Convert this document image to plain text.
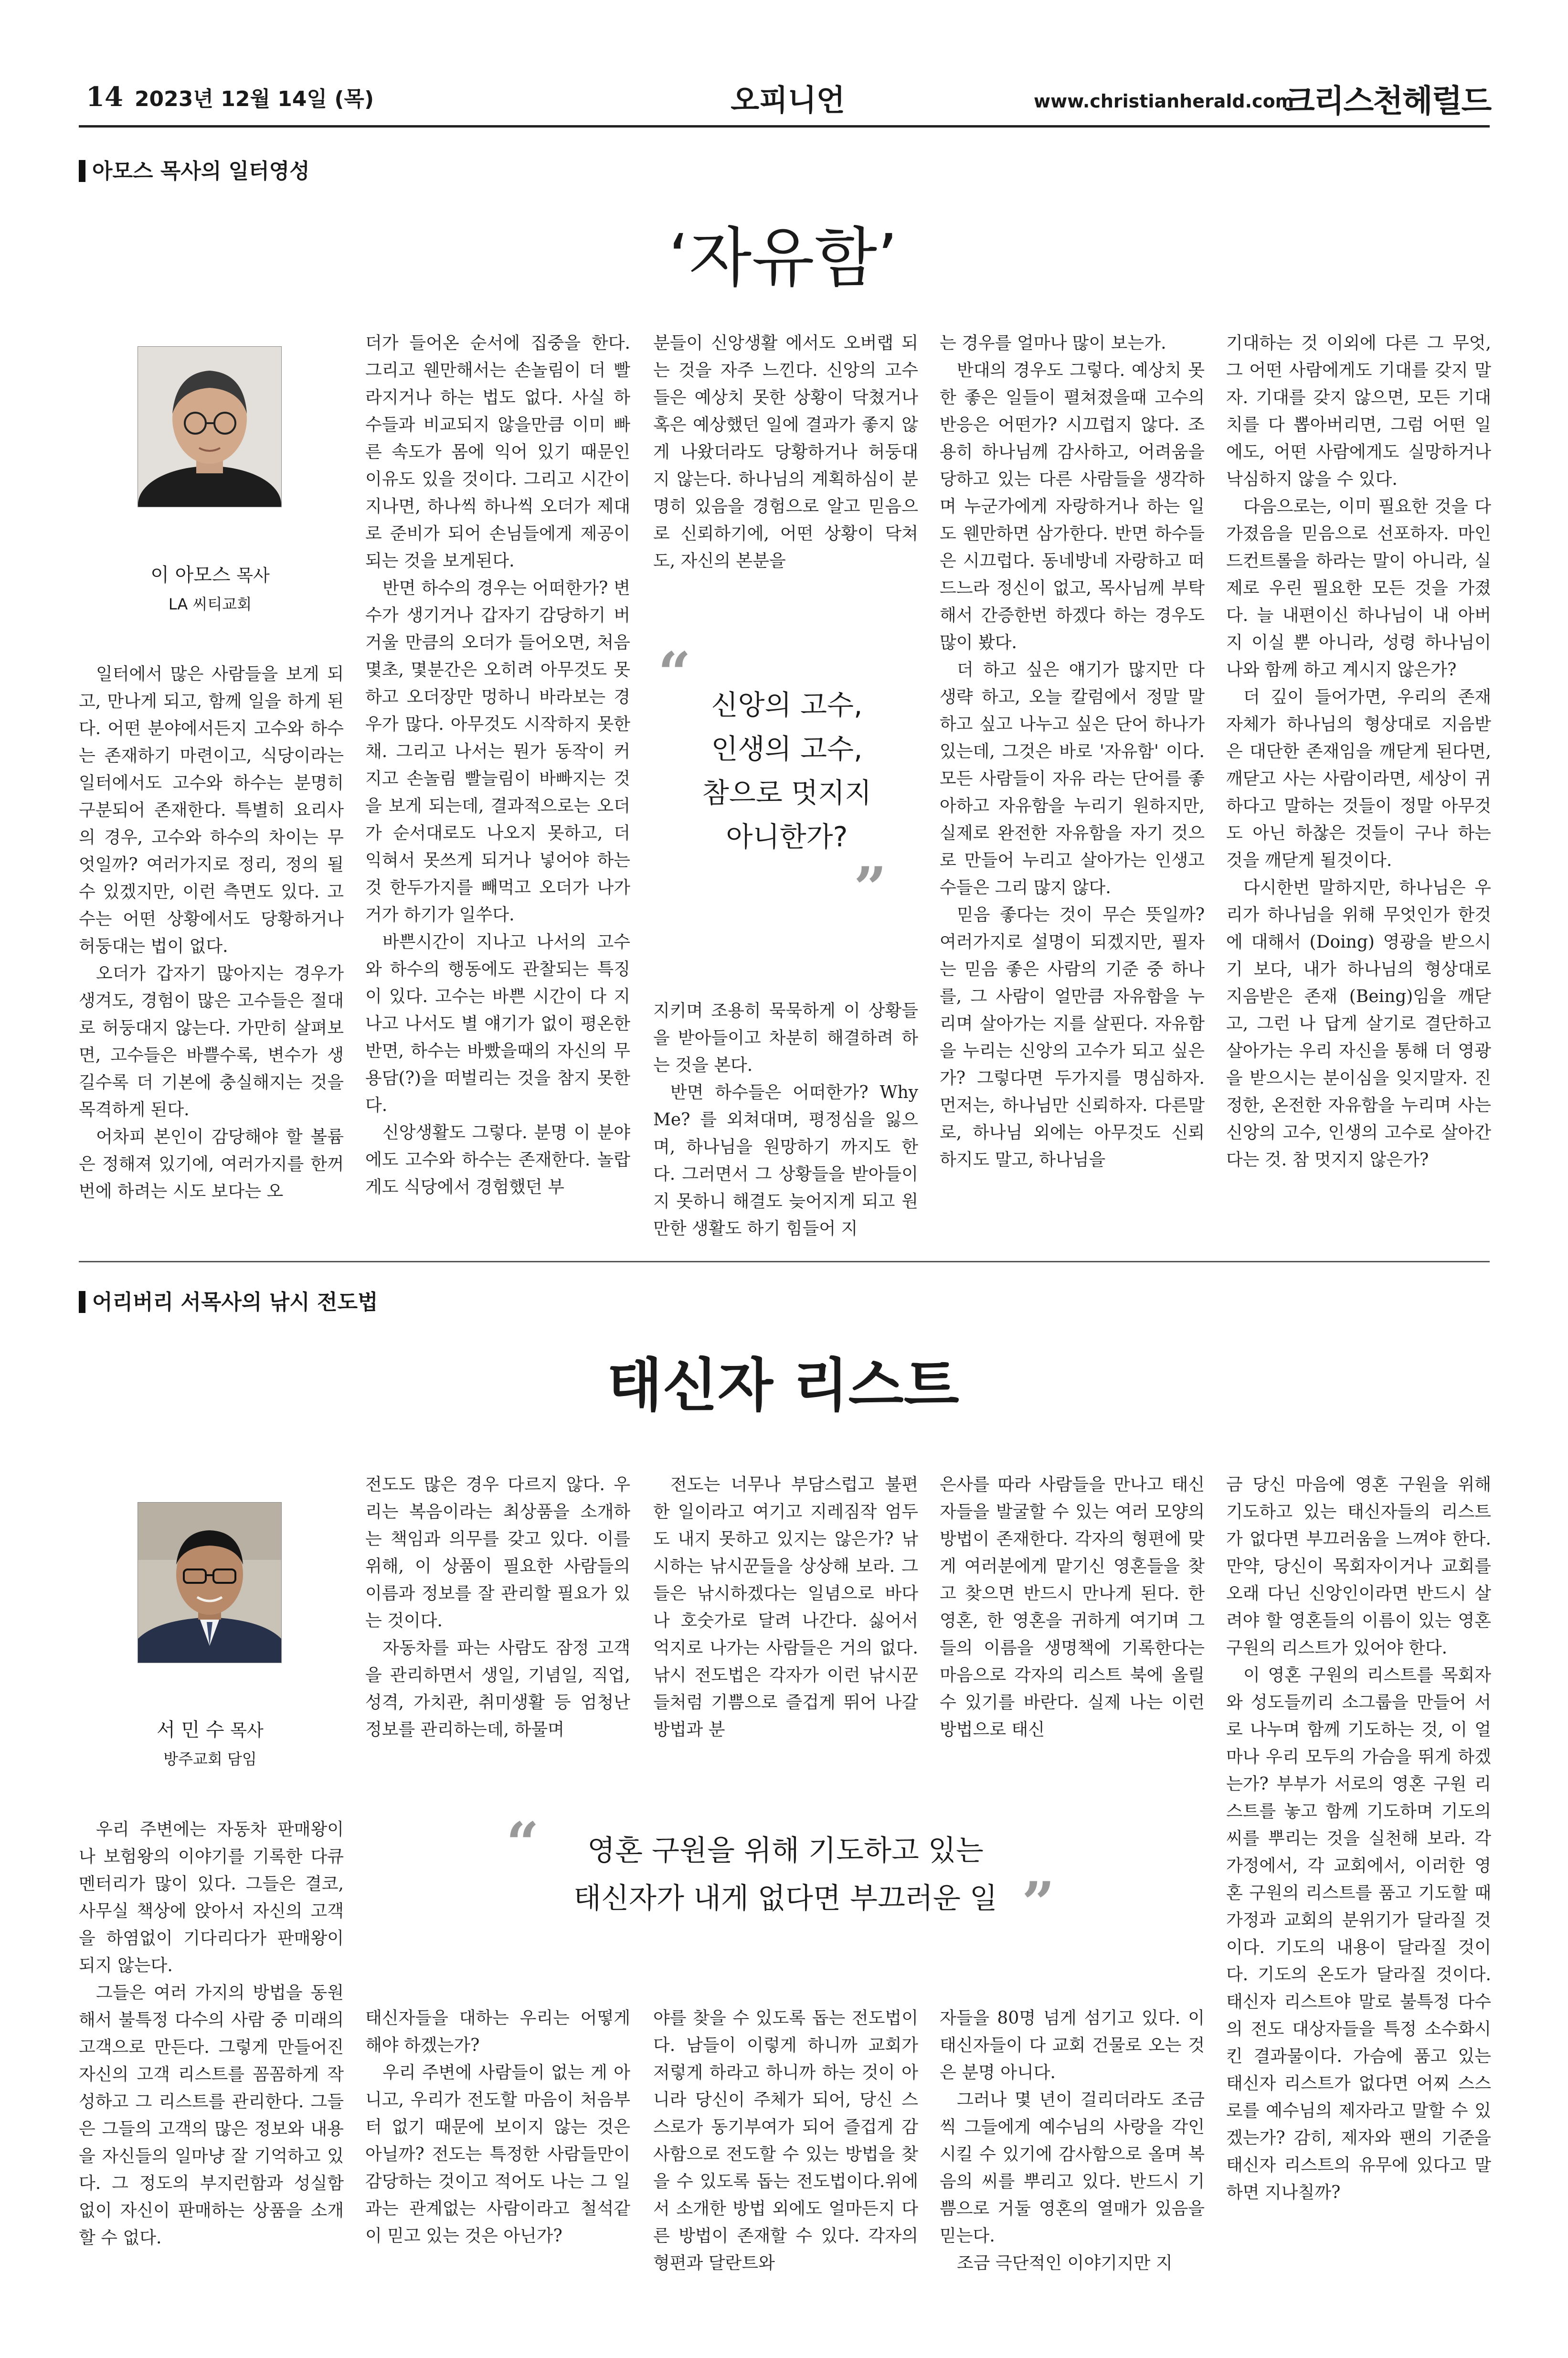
14 2023년 12월 14일 (목)	오피니언	www.christianherald.com
크리스천헤럴드
아모스 목사의 일터영성
‘자유함’
이 아모스 목사
LA 씨티교회

일터에서 많은 사람들을 보게 되고, 만나게 되고, 함께 일을 하게 된다. 어떤 분야에서든지 고수와 하수는 존재하기 마련이고, 식당이라는 일터에서도 고수와 하수는 분명히 구분되어 존재한다. 특별히 요리사의 경우, 고수와 하수의 차이는 무엇일까? 여러가지로 정리, 정의 될수 있겠지만, 이런 측면도 있다. 고수는 어떤 상황에서도 당황하거나 허둥대는 법이 없다.

오더가 갑자기 많아지는 경우가 생겨도, 경험이 많은 고수들은 절대로 허둥대지 않는다. 가만히 살펴보면, 고수들은 바쁠수록, 변수가 생길수록 더 기본에 충실해지는 것을 목격하게 된다.

어차피 본인이 감당해야 할 볼륨은 정해져 있기에, 여러가지를 한꺼번에 하려는 시도 보다는 오

더가 들어온 순서에 집중을 한다. 그리고 웬만해서는 손놀림이 더 빨라지거나 하는 법도 없다. 사실 하수들과 비교되지 않을만큼 이미 빠른 속도가 몸에 익어 있기 때문인 이유도 있을 것이다. 그리고 시간이 지나면, 하나씩 하나씩 오더가 제대로 준비가 되어 손님들에게 제공이 되는 것을 보게된다.

반면 하수의 경우는 어떠한가? 변수가 생기거나 갑자기 감당하기 버거울 만큼의 오더가 들어오면, 처음 몇초, 몇분간은 오히려 아무것도 못하고 오더장만 멍하니 바라보는 경우가 많다. 아무것도 시작하지 못한 채. 그리고 나서는 뭔가 동작이 커지고 손놀림 빨늘림이 바빠지는 것을 보게 되는데, 결과적으로는 오더가 순서대로도 나오지 못하고, 더 익혀서 못쓰게 되거나 넣어야 하는것 한두가지를 빼먹고 오더가 나가거가 하기가 일쑤다.

바쁜시간이 지나고 나서의 고수와 하수의 행동에도 관찰되는 특징이 있다. 고수는 바쁜 시간이 다 지나고 나서도 별 얘기가 없이 평온한 반면, 하수는 바빴을때의 자신의 무용담(?)을 떠벌리는 것을 참지 못한다.

신앙생활도 그렇다. 분명 이 분야에도 고수와 하수는 존재한다. 놀랍게도 식당에서 경험했던 부

분들이 신앙생활 에서도 오버랩 되는 것을 자주 느낀다. 신앙의 고수들은 예상치 못한 상황이 닥쳤거나 혹은 예상했던 일에 결과가 좋지 않게 나왔더라도 당황하거나 허둥대지 않는다. 하나님의 계획하심이 분명히 있음을 경험으로 알고 믿음으로 신뢰하기에, 어떤 상황이 닥쳐도, 자신의 본분을

“ 신앙의 고수,
인생의 고수,
참으로 멋지지
아니한가?
”

지키며 조용히 묵묵하게 이 상황들을 받아들이고 차분히 해결하려 하는 것을 본다.

반면 하수들은 어떠한가? Why Me? 를 외쳐대며, 평정심을 잃으며, 하나님을 원망하기 까지도 한다. 그러면서 그 상황들을 받아들이지 못하니 해결도 늦어지게 되고 원만한 생활도 하기 힘들어 지

는 경우를 얼마나 많이 보는가.

반대의 경우도 그렇다. 예상치 못한 좋은 일들이 펼쳐졌을때 고수의 반응은 어떤가? 시끄럽지 않다. 조용히 하나님께 감사하고, 어려움을 당하고 있는 다른 사람들을 생각하며 누군가에게 자랑하거나 하는 일도 웬만하면 삼가한다. 반면 하수들은 시끄럽다. 동네방네 자랑하고 떠드느라 정신이 없고, 목사님께 부탁해서 간증한번 하겠다 하는 경우도 많이 봤다.

더 하고 싶은 얘기가 많지만 다 생략 하고, 오늘 칼럼에서 정말 말하고 싶고 나누고 싶은 단어 하나가 있는데, 그것은 바로 '자유함' 이다. 모든 사람들이 자유 라는 단어를 좋아하고 자유함을 누리기 원하지만, 실제로 완전한 자유함을 자기 것으로 만들어 누리고 살아가는 인생고수들은 그리 많지 않다.

믿음 좋다는 것이 무슨 뜻일까? 여러가지로 설명이 되겠지만, 필자는 믿음 좋은 사람의 기준 중 하나를, 그 사람이 얼만큼 자유함을 누리며 살아가는 지를 살핀다. 자유함을 누리는 신앙의 고수가 되고 싶은가? 그렇다면 두가지를 명심하자. 먼저는, 하나님만 신뢰하자. 다른말로, 하나님 외에는 아무것도 신뢰 하지도 말고, 하나님을

기대하는 것 이외에 다른 그 무엇, 그 어떤 사람에게도 기대를 갖지 말자. 기대를 갖지 않으면, 모든 기대치를 다 뽑아버리면, 그럼 어떤 일에도, 어떤 사람에게도 실망하거나 낙심하지 않을 수 있다.

다음으로는, 이미 필요한 것을 다 가졌음을 믿음으로 선포하자. 마인드컨트롤을 하라는 말이 아니라, 실제로 우린 필요한 모든 것을 가졌다. 늘 내편이신 하나님이 내 아버지 이실 뿐 아니라, 성령 하나님이 나와 함께 하고 계시지 않은가?

더 깊이 들어가면, 우리의 존재 자체가 하나님의 형상대로 지음받은 대단한 존재임을 깨닫게 된다면, 깨닫고 사는 사람이라면, 세상이 귀하다고 말하는 것들이 정말 아무것도 아닌 하찮은 것들이 구나 하는 것을 깨닫게 될것이다.

다시한번 말하지만, 하나님은 우리가 하나님을 위해 무엇인가 한것에 대해서 (Doing) 영광을 받으시기 보다, 내가 하나님의 형상대로 지음받은 존재 (Being)임을 깨닫고, 그런 나 답게 살기로 결단하고 살아가는 우리 자신을 통해 더 영광을 받으시는 분이심을 잊지말자. 진정한, 온전한 자유함을 누리며 사는 신앙의 고수, 인생의 고수로 살아간다는 것. 참 멋지지 않은가?

어리버리 서목사의 낚시 전도법
태신자 리스트
서 민 수 목사
방주교회 담임

우리 주변에는 자동차 판매왕이나 보험왕의 이야기를 기록한 다큐멘터리가 많이 있다. 그들은 결코, 사무실 책상에 앉아서 자신의 고객을 하염없이 기다리다가 판매왕이 되지 않는다.

그들은 여러 가지의 방법을 동원해서 불특정 다수의 사람 중 미래의 고객으로 만든다. 그렇게 만들어진 자신의 고객 리스트를 꼼꼼하게 작성하고 그 리스트를 관리한다. 그들은 그들의 고객의 많은 정보와 내용을 자신들의 일마냥 잘 기억하고 있다. 그 정도의 부지런함과 성실함 없이 자신이 판매하는 상품을 소개할 수 없다.

전도도 많은 경우 다르지 않다. 우리는 복음이라는 최상품을 소개하는 책임과 의무를 갖고 있다. 이를 위해, 이 상품이 필요한 사람들의 이름과 정보를 잘 관리할 필요가 있는 것이다.

자동차를 파는 사람도 잠정 고객을 관리하면서 생일, 기념일, 직업, 성격, 가치관, 취미생활 등 엄청난 정보를 관리하는데, 하물며

전도는 너무나 부담스럽고 불편한 일이라고 여기고 지레짐작 엄두도 내지 못하고 있지는 않은가? 낚시하는 낚시꾼들을 상상해 보라. 그들은 낚시하겠다는 일념으로 바다나 호숫가로 달려 나간다. 싫어서 억지로 나가는 사람들은 거의 없다. 낚시 전도법은 각자가 이런 낚시꾼들처럼 기쁨으로 즐겁게 뛰어 나갈 방법과 분

은사를 따라 사람들을 만나고 태신자들을 발굴할 수 있는 여러 모양의 방법이 존재한다. 각자의 형편에 맞게 여러분에게 맡기신 영혼들을 찾고 찾으면 반드시 만나게 된다. 한 영혼, 한 영혼을 귀하게 여기며 그들의 이름을 생명책에 기록한다는 마음으로 각자의 리스트 북에 올릴 수 있기를 바란다. 실제 나는 이런 방법으로 태신

“	영혼 구원을 위해 기도하고 있는
태신자가 내게 없다면 부끄러운 일 ”

태신자들을 대하는 우리는 어떻게 해야 하겠는가?

우리 주변에 사람들이 없는 게 아니고, 우리가 전도할 마음이 처음부터 없기 때문에 보이지 않는 것은 아닐까? 전도는 특정한 사람들만이 감당하는 것이고 적어도 나는 그 일과는 관계없는 사람이라고 철석같이 믿고 있는 것은 아닌가?

야를 찾을 수 있도록 돕는 전도법이다. 남들이 이렇게 하니까 교회가 저렇게 하라고 하니까 하는 것이 아니라 당신이 주체가 되어, 당신 스스로가 동기부여가 되어 즐겁게 감사함으로 전도할 수 있는 방법을 찾을 수 있도록 돕는 전도법이다.위에서 소개한 방법 외에도 얼마든지 다른 방법이 존재할 수 있다. 각자의 형편과 달란트와

자들을 80명 넘게 섬기고 있다. 이 태신자들이 다 교회 건물로 오는 것은 분명 아니다.

그러나 몇 년이 걸리더라도 조금씩 그들에게 예수님의 사랑을 각인시킬 수 있기에 감사함으로 올며 복음의 씨를 뿌리고 있다. 반드시 기쁨으로 거둘 영혼의 열매가 있음을 믿는다.

조금 극단적인 이야기지만 지

금 당신 마음에 영혼 구원을 위해 기도하고 있는 태신자들의 리스트가 없다면 부끄러움을 느껴야 한다. 만약, 당신이 목회자이거나 교회를 오래 다닌 신앙인이라면 반드시 살려야 할 영혼들의 이름이 있는 영혼 구원의 리스트가 있어야 한다.

이 영혼 구원의 리스트를 목회자와 성도들끼리 소그룹을 만들어 서로 나누며 함께 기도하는 것, 이 얼마나 우리 모두의 가슴을 뛰게 하겠는가? 부부가 서로의 영혼 구원 리스트를 놓고 함께 기도하며 기도의 씨를 뿌리는 것을 실천해 보라. 각 가정에서, 각 교회에서, 이러한 영혼 구원의 리스트를 품고 기도할 때 가정과 교회의 분위기가 달라질 것이다. 기도의 내용이 달라질 것이다. 기도의 온도가 달라질 것이다. 태신자 리스트야 말로 불특정 다수의 전도 대상자들을 특정 소수화시킨 결과물이다. 가슴에 품고 있는 태신자 리스트가 없다면 어찌 스스로를 예수님의 제자라고 말할 수 있겠는가? 감히, 제자와 팬의 기준을 태신자 리스트의 유무에 있다고 말하면 지나칠까?
